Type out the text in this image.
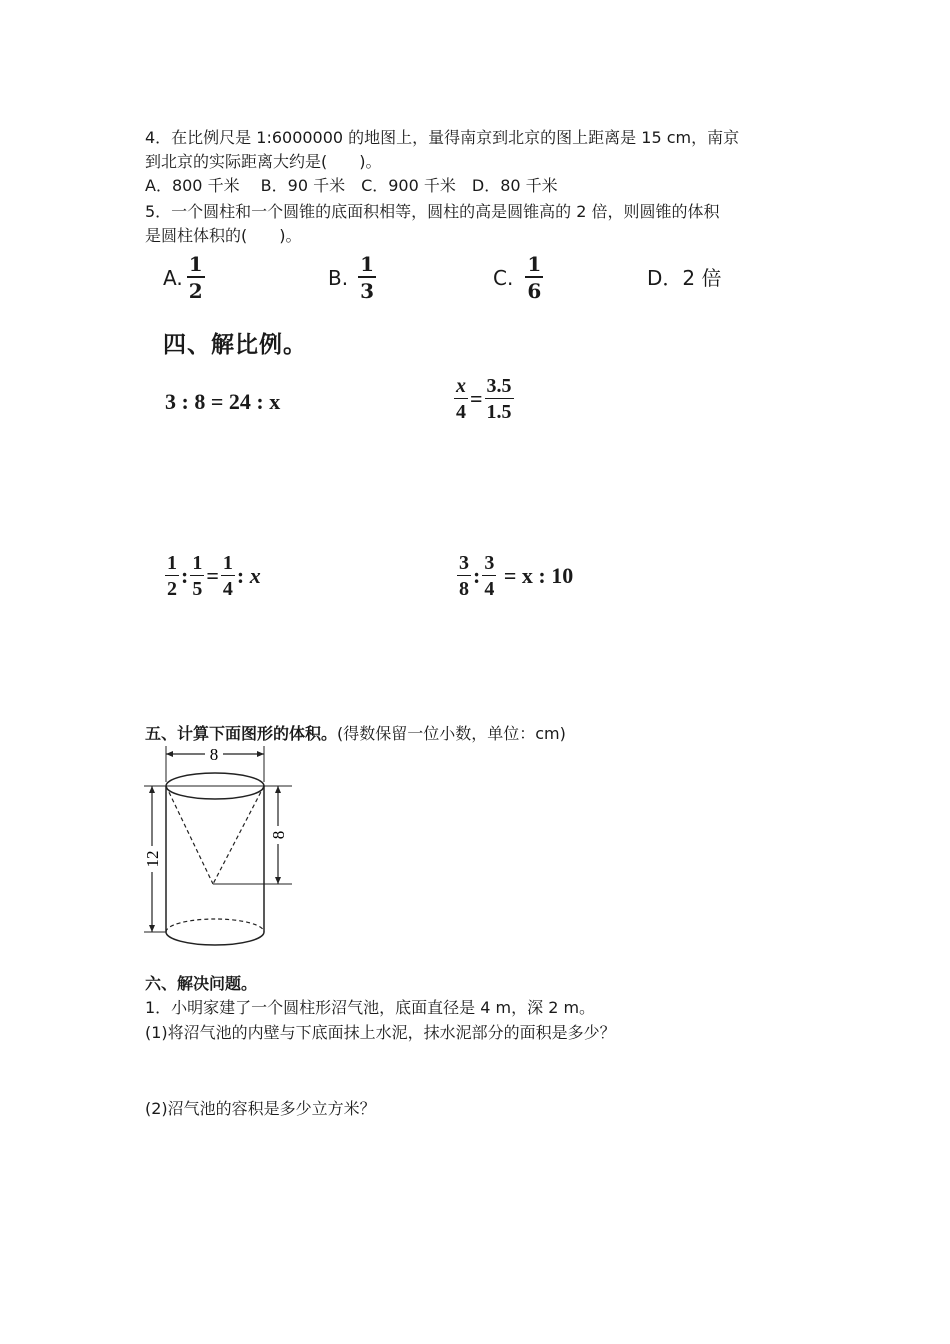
4．在比例尺是 1:6000000 的地图上，量得南京到北京的图上距离是 15 cm，南京
到北京的实际距离大约是(　　)。
A．800 千米　 B．90 千米　C．900 千米　D．80 千米
5．一个圆柱和一个圆锥的底面积相等，圆柱的高是圆锥高的 2 倍，则圆锥的体积
是圆柱体积的(　　)。
A. $\frac{1}{2}$	B. $\frac{1}{3}$	C. $\frac{1}{6}$	D．2 倍
四、解比例。
3 : 8 = 24 : x	$\frac{x}{4} = \frac{3.5}{1.5}$
$\frac{1}{2}$ : $\frac{1}{5} = \frac{1}{4}$ : x	$\frac{3}{8}$ : $\frac{3}{4} = x$ : 10
五、计算下面图形的体积。(得数保留一位小数，单位：cm)
8
8
12
六、解决问题。
1．小明家建了一个圆柱形沼气池，底面直径是 4 m，深 2 m。
(1)将沼气池的内壁与下底面抹上水泥，抹水泥部分的面积是多少？
(2)沼气池的容积是多少立方米？
